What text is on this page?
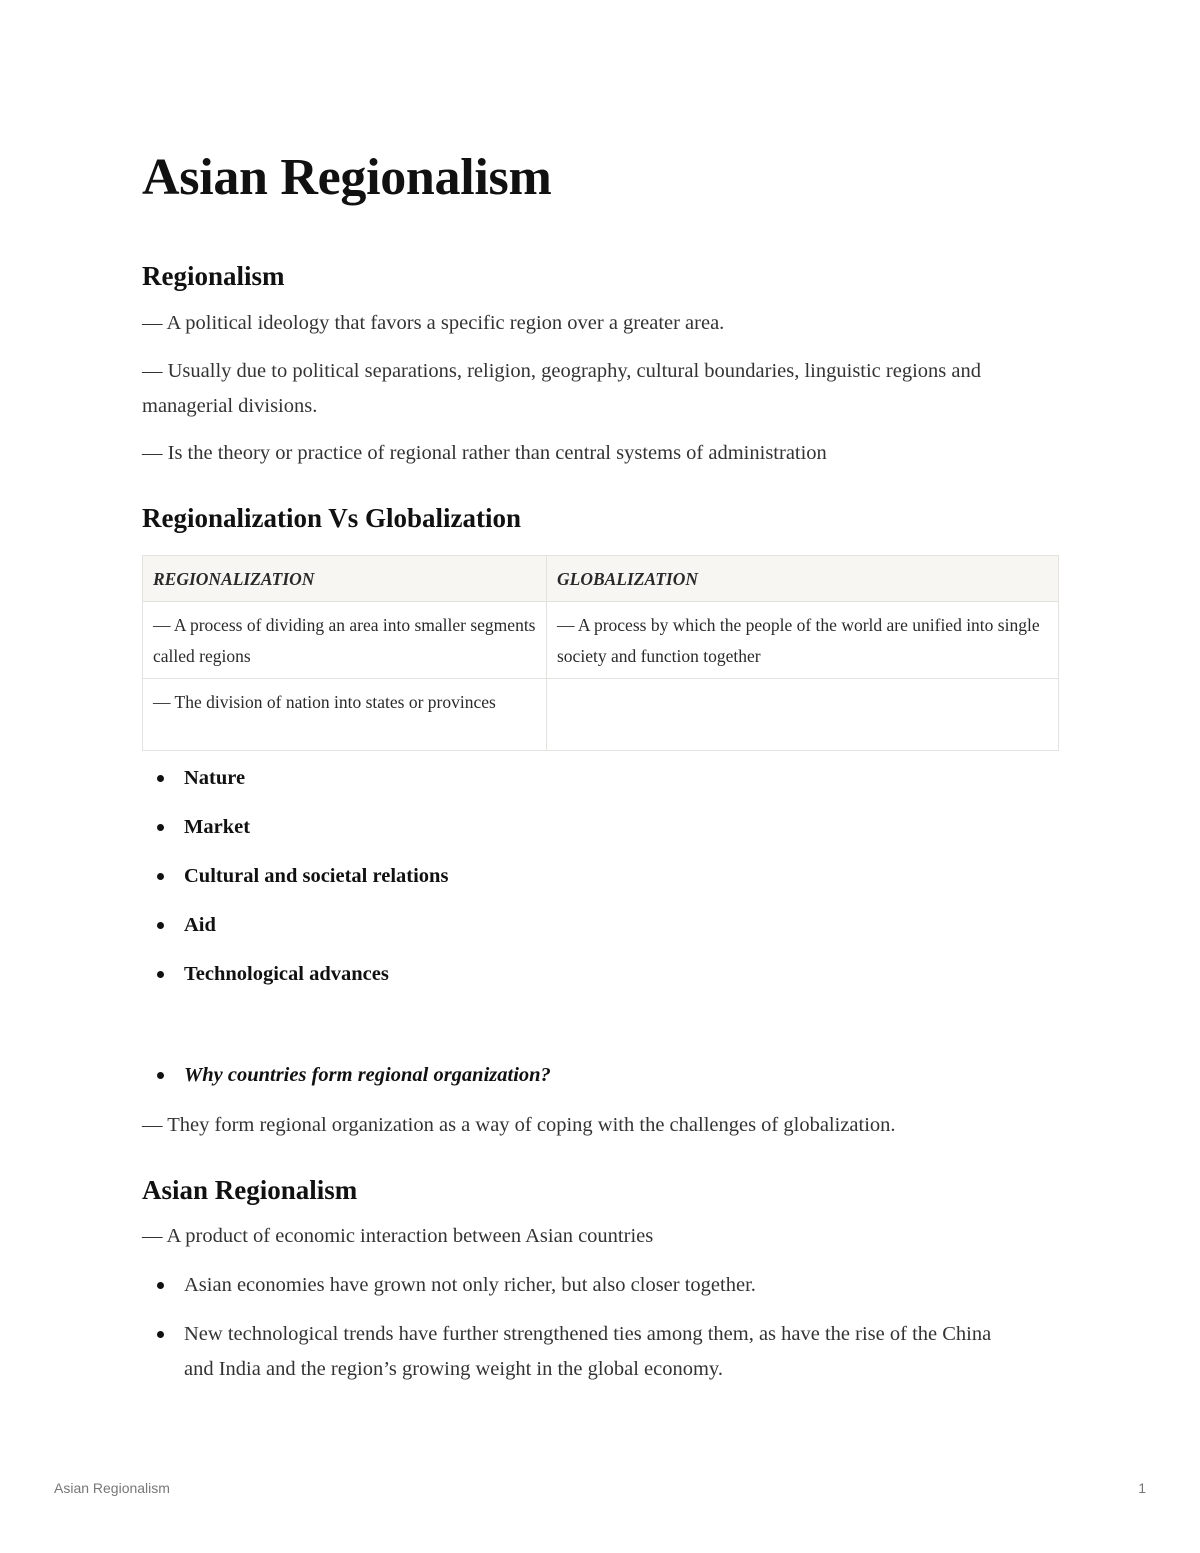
Asian Regionalism
Regionalism

— A political ideology that favors a specific region over a greater area.

— Usually due to political separations, religion, geography, cultural boundaries, linguistic regions and managerial divisions.

— Is the theory or practice of regional rather than central systems of administration

Regionalization Vs Globalization
REGIONALIZATION	GLOBALIZATION
— A process of dividing an area into smaller segments called regions	— A process by which the people of the world are unified into single society and function together
— The division of nation into states or provinces	
Nature
Market
Cultural and societal relations
Aid
Technological advances
Why countries form regional organization?

— They form regional organization as a way of coping with the challenges of globalization.

Asian Regionalism

— A product of economic interaction between Asian countries

Asian economies have grown not only richer, but also closer together.
New technological trends have further strengthened ties among them, as have the rise of the China and India and the region’s growing weight in the global economy.
Asian Regionalism	1
